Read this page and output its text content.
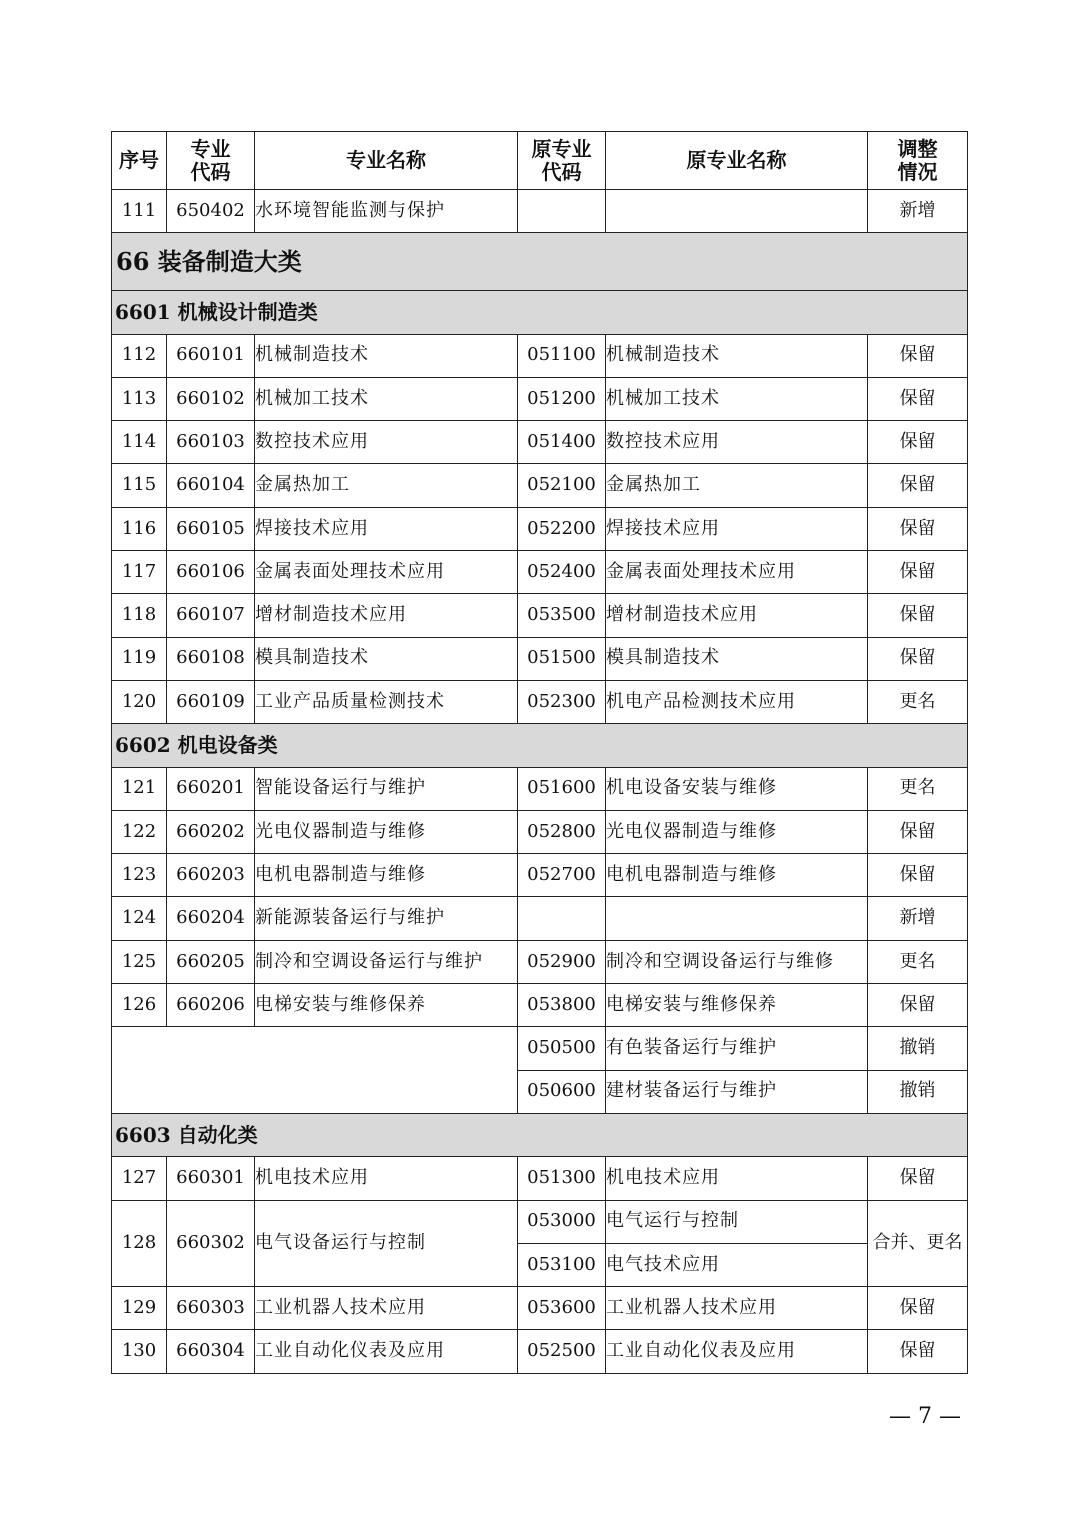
序号	专业代码	专业名称	原专业代码	原专业名称	调整情况
111	650402	水环境智能监测与保护			新增
66 装备制造大类					
6601 机械设计制造类					
112	660101	机械制造技术	051100	机械制造技术	保留
113	660102	机械加工技术	051200	机械加工技术	保留
114	660103	数控技术应用	051400	数控技术应用	保留
115	660104	金属热加工	052100	金属热加工	保留
116	660105	焊接技术应用	052200	焊接技术应用	保留
117	660106	金属表面处理技术应用	052400	金属表面处理技术应用	保留
118	660107	增材制造技术应用	053500	增材制造技术应用	保留
119	660108	模具制造技术	051500	模具制造技术	保留
120	660109	工业产品质量检测技术	052300	机电产品检测技术应用	更名
6602 机电设备类					
121	660201	智能设备运行与维护	051600	机电设备安装与维修	更名
122	660202	光电仪器制造与维修	052800	光电仪器制造与维修	保留
123	660203	电机电器制造与维修	052700	电机电器制造与维修	保留
124	660204	新能源装备运行与维护			新增
125	660205	制冷和空调设备运行与维护	052900	制冷和空调设备运行与维修	更名
126	660206	电梯安装与维修保养	053800	电梯安装与维修保养	保留
			050500	有色装备运行与维护	撤销
			050600	建材装备运行与维护	撤销
6603 自动化类					
127	660301	机电技术应用	051300	机电技术应用	保留
128	660302	电气设备运行与控制	053000	电气运行与控制	合并、更名
			053100	电气技术应用	
129	660303	工业机器人技术应用	053600	工业机器人技术应用	保留
130	660304	工业自动化仪表及应用	052500	工业自动化仪表及应用	保留
— 7 —
